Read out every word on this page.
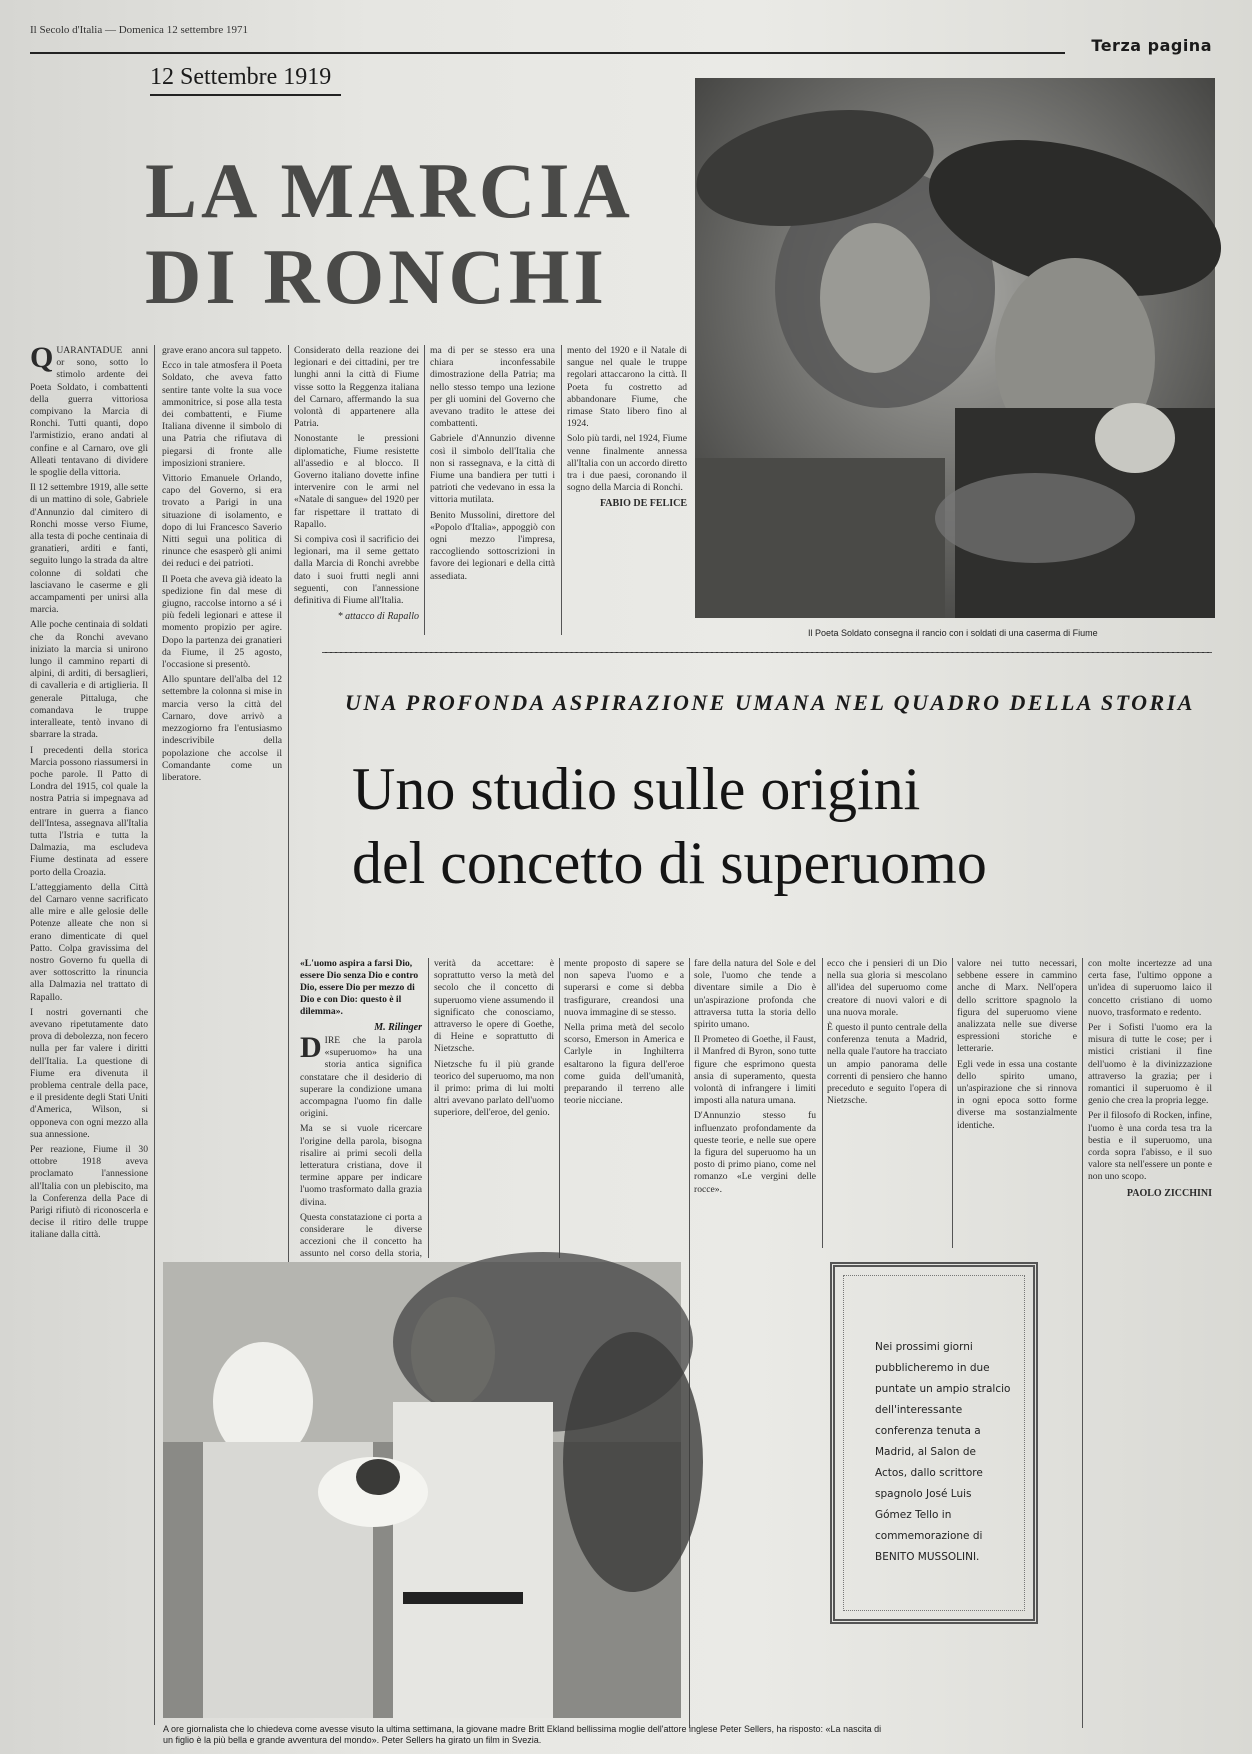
Il Secolo d'Italia — Domenica 12 settembre 1971
Terza pagina
12 Settembre 1919
LA MARCIA
DI RONCHI
Il Poeta Soldato consegna il rancio con i soldati di una caserma di Fiume
Q UARANTADUE anni or sono, sotto lo stimolo ardente dei Poeta Soldato, i combattenti della guerra vittoriosa compivano la Marcia di Ronchi. Tutti quanti, dopo l'armistizio, erano andati al confine e al Carnaro, ove gli Alleati tentavano di dividere le spoglie della vittoria.

Il 12 settembre 1919, alle sette di un mattino di sole, Gabriele d'Annunzio dal cimitero di Ronchi mosse verso Fiume, alla testa di poche centinaia di granatieri, arditi e fanti, seguito lungo la strada da altre colonne di soldati che lasciavano le caserme e gli accampamenti per unirsi alla marcia.

Alle poche centinaia di soldati che da Ronchi avevano iniziato la marcia si unirono lungo il cammino reparti di alpini, di arditi, di bersaglieri, di cavalleria e di artiglieria. Il generale Pittaluga, che comandava le truppe interalleate, tentò invano di sbarrare la strada.

I precedenti della storica Marcia possono riassumersi in poche parole. Il Patto di Londra del 1915, col quale la nostra Patria si impegnava ad entrare in guerra a fianco dell'Intesa, assegnava all'Italia tutta l'Istria e tutta la Dalmazia, ma escludeva Fiume destinata ad essere porto della Croazia.

L'atteggiamento della Città del Carnaro venne sacrificato alle mire e alle gelosie delle Potenze alleate che non si erano dimenticate di quel Patto. Colpa gravissima del nostro Governo fu quella di aver sottoscritto la rinuncia alla Dalmazia nel trattato di Rapallo.

I nostri governanti che avevano ripetutamente dato prova di debolezza, non fecero nulla per far valere i diritti dell'Italia. La questione di Fiume era divenuta il problema centrale della pace, e il presidente degli Stati Uniti d'America, Wilson, si opponeva con ogni mezzo alla sua annessione.

Per reazione, Fiume il 30 ottobre 1918 aveva proclamato l'annessione all'Italia con un plebiscito, ma la Conferenza della Pace di Parigi rifiutò di riconoscerla e decise il ritiro delle truppe italiane dalla città.

grave erano ancora sul tappeto.

Ecco in tale atmosfera il Poeta Soldato, che aveva fatto sentire tante volte la sua voce ammonitrice, si pose alla testa dei combattenti, e Fiume Italiana divenne il simbolo di una Patria che rifiutava di piegarsi di fronte alle imposizioni straniere.

Vittorio Emanuele Orlando, capo del Governo, si era trovato a Parigi in una situazione di isolamento, e dopo di lui Francesco Saverio Nitti seguì una politica di rinunce che esasperò gli animi dei reduci e dei patrioti.

Il Poeta che aveva già ideato la spedizione fin dal mese di giugno, raccolse intorno a sé i più fedeli legionari e attese il momento propizio per agire. Dopo la partenza dei granatieri da Fiume, il 25 agosto, l'occasione si presentò.

Allo spuntare dell'alba del 12 settembre la colonna si mise in marcia verso la città del Carnaro, dove arrivò a mezzogiorno fra l'entusiasmo indescrivibile della popolazione che accolse il Comandante come un liberatore.

Considerato della reazione dei legionari e dei cittadini, per tre lunghi anni la città di Fiume visse sotto la Reggenza italiana del Carnaro, affermando la sua volontà di appartenere alla Patria.

Nonostante le pressioni diplomatiche, Fiume resistette all'assedio e al blocco. Il Governo italiano dovette infine intervenire con le armi nel «Natale di sangue» del 1920 per far rispettare il trattato di Rapallo.

Si compiva così il sacrificio dei legionari, ma il seme gettato dalla Marcia di Ronchi avrebbe dato i suoi frutti negli anni seguenti, con l'annessione definitiva di Fiume all'Italia.

* attacco di Rapallo

ma di per se stesso era una chiara inconfessabile dimostrazione della Patria; ma nello stesso tempo una lezione per gli uomini del Governo che avevano tradito le attese dei combattenti.

Gabriele d'Annunzio divenne così il simbolo dell'Italia che non si rassegnava, e la città di Fiume una bandiera per tutti i patrioti che vedevano in essa la vittoria mutilata.

Benito Mussolini, direttore del «Popolo d'Italia», appoggiò con ogni mezzo l'impresa, raccogliendo sottoscrizioni in favore dei legionari e della città assediata.

mento del 1920 e il Natale di sangue nel quale le truppe regolari attaccarono la città. Il Poeta fu costretto ad abbandonare Fiume, che rimase Stato libero fino al 1924.

Solo più tardi, nel 1924, Fiume venne finalmente annessa all'Italia con un accordo diretto tra i due paesi, coronando il sogno della Marcia di Ronchi.

FABIO DE FELICE
UNA PROFONDA ASPIRAZIONE UMANA NEL QUADRO DELLA STORIA
Uno studio sulle origini
del concetto di superuomo
«L'uomo aspira a farsi Dio, essere Dio senza Dio e contro Dio, essere Dio per mezzo di Dio e con Dio: questo è il dilemma».
M. Rilinger
D IRE che la parola «superuomo» ha una storia antica significa constatare che il desiderio di superare la condizione umana accompagna l'uomo fin dalle origini.

Ma se si vuole ricercare l'origine della parola, bisogna risalire ai primi secoli della letteratura cristiana, dove il termine appare per indicare l'uomo trasformato dalla grazia divina.

Questa constatazione ci porta a considerare le diverse accezioni che il concetto ha assunto nel corso della storia,

verità da accettare: è soprattutto verso la metà del secolo che il concetto di superuomo viene assumendo il significato che conosciamo, attraverso le opere di Goethe, di Heine e soprattutto di Nietzsche.

Nietzsche fu il più grande teorico del superuomo, ma non il primo: prima di lui molti altri avevano parlato dell'uomo superiore, dell'eroe, del genio.

mente proposto di sapere se non sapeva l'uomo e a superarsi e come si debba trasfigurare, creandosi una nuova immagine di se stesso.

Nella prima metà del secolo scorso, Emerson in America e Carlyle in Inghilterra esaltarono la figura dell'eroe come guida dell'umanità, preparando il terreno alle teorie nicciane.

fare della natura del Sole e del sole, l'uomo che tende a diventare simile a Dio è un'aspirazione profonda che attraversa tutta la storia dello spirito umano.

Il Prometeo di Goethe, il Faust, il Manfred di Byron, sono tutte figure che esprimono questa ansia di superamento, questa volontà di infrangere i limiti imposti alla natura umana.

D'Annunzio stesso fu influenzato profondamente da queste teorie, e nelle sue opere la figura del superuomo ha un posto di primo piano, come nel romanzo «Le vergini delle rocce».

ecco che i pensieri di un Dio nella sua gloria si mescolano all'idea del superuomo come creatore di nuovi valori e di una nuova morale.

È questo il punto centrale della conferenza tenuta a Madrid, nella quale l'autore ha tracciato un ampio panorama delle correnti di pensiero che hanno preceduto e seguito l'opera di Nietzsche.

valore nei tutto necessari, sebbene essere in cammino anche di Marx. Nell'opera dello scrittore spagnolo la figura del superuomo viene analizzata nelle sue diverse espressioni storiche e letterarie.

Egli vede in essa una costante dello spirito umano, un'aspirazione che si rinnova in ogni epoca sotto forme diverse ma sostanzialmente identiche.

con molte incertezze ad una certa fase, l'ultimo oppone a un'idea di superuomo laico il concetto cristiano di uomo nuovo, trasformato e redento.

Per i Sofisti l'uomo era la misura di tutte le cose; per i mistici cristiani il fine dell'uomo è la divinizzazione attraverso la grazia; per i romantici il superuomo è il genio che crea la propria legge.

Per il filosofo di Rocken, infine, l'uomo è una corda tesa tra la bestia e il superuomo, una corda sopra l'abisso, e il suo valore sta nell'essere un ponte e non uno scopo.

PAOLO ZICCHINI
A ore giornalista che lo chiedeva come avesse visuto la ultima settimana, la giovane madre Britt Ekland bellissima moglie dell'attore inglese Peter Sellers, ha risposto: «La nascita di un figlio è la più bella e grande avventura del mondo». Peter Sellers ha girato un film in Svezia.
Nei prossimi giorni pubblicheremo in due puntate un ampio stralcio dell'interessante conferenza tenuta a Madrid, al Salon de Actos, dallo scrittore spagnolo José Luis Gómez Tello in commemorazione di BENITO MUSSOLINI.
